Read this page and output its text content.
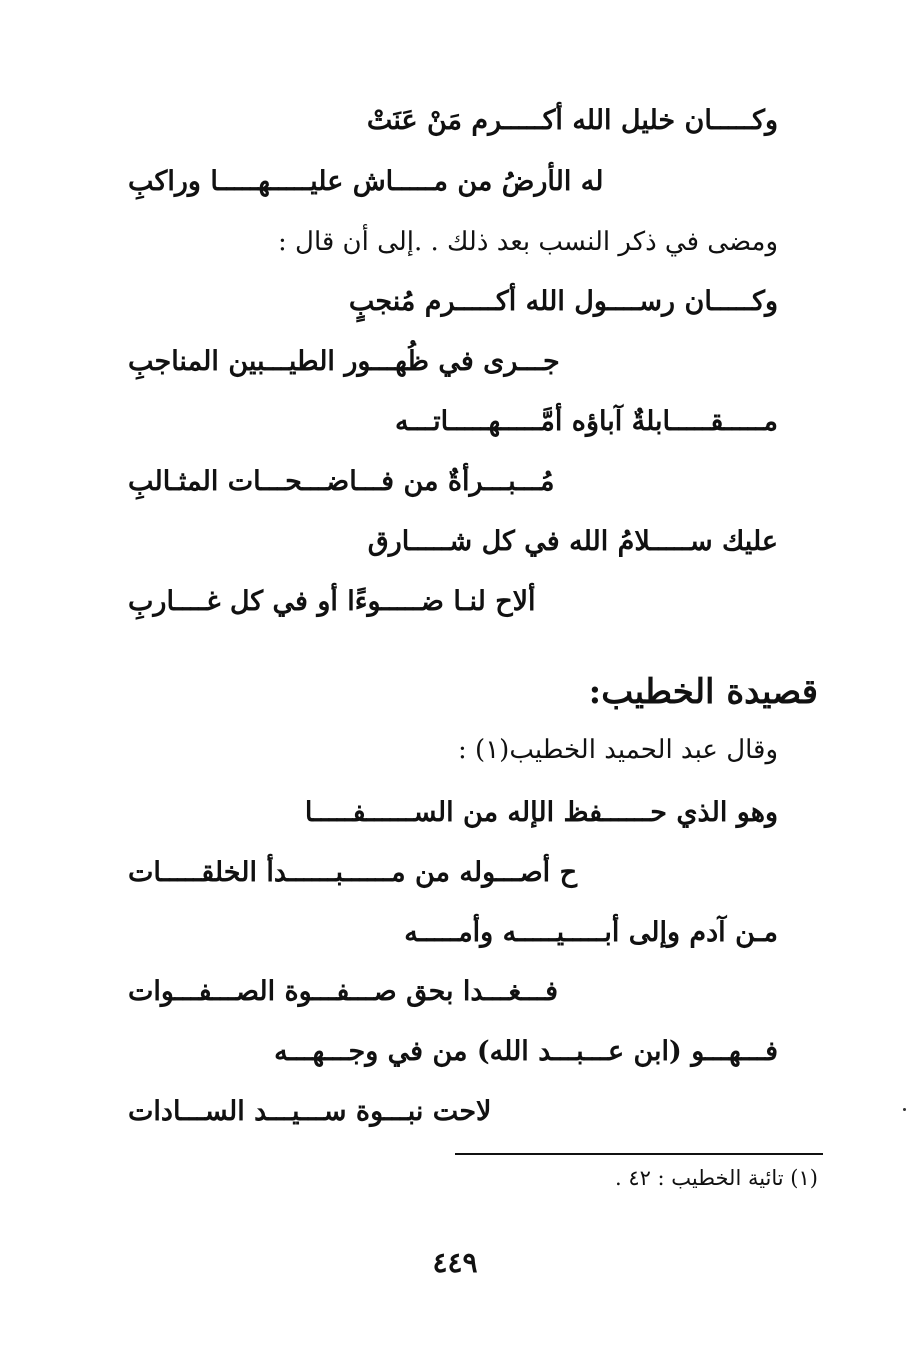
وكـــــان خليل الله أكـــــرم مَنْ عَنَتْ
له الأرضُ من مـــــاش عليـــــهـــــا وراكبِ
ومضى في ذكر النسب بعد ذلك . .إلى أن قال :
وكـــــان رســــول الله أكـــــرم مُنجبٍ
جـــرى في ظُهـــور الطيـــبين المناجبِ
مـــــقـــــابلةٌ آباؤه أمَّـــــهـــــاتـــه
مُـــبـــرأةٌ من فـــاضـــحـــات المثـالبِ
عليك ســـــلامُ الله في كل شـــــارق
ألاح لنـا ضـــــوءًا أو في كل غــــاربِ
قصيدة الخطيب:
وقال عبد الحميد الخطيب(١) :
وهو الذي حــــــفظ الإله من الســــــفـــــا
ح أصـــوله من مــــــبــــــدأ الخلقـــــات
مـن آدم وإلى أبـــــيـــــه وأمـــــه
فـــغـــدا بحق صـــفـــوة الصـــفـــوات
فـــهـــو (ابن عـــبـــد الله) من في وجـــهـــه
لاحت نبـــوة ســـيـــد الســـادات
(١) تائية الخطيب : ٤٢ .
٤٤٩
